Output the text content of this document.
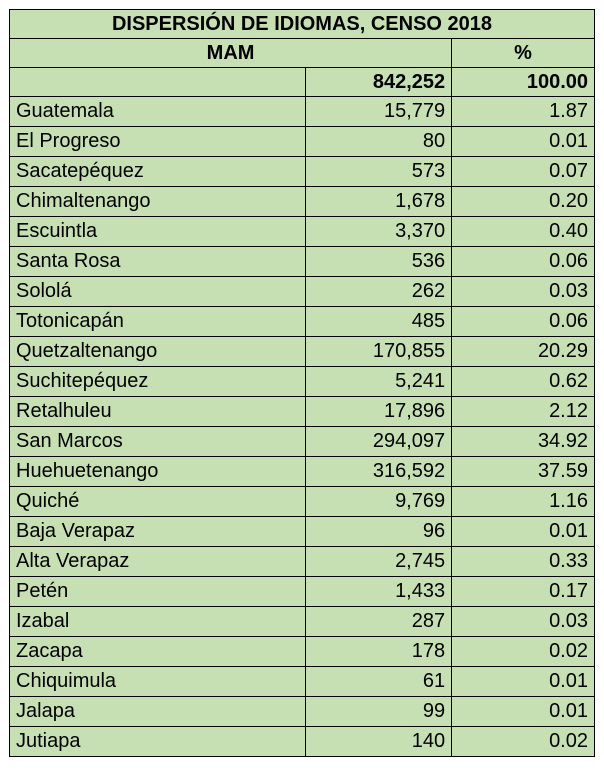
DISPERSIÓN DE IDIOMAS, CENSO 2018		
MAM		%
	842,252	100.00
Guatemala	15,779	1.87
El Progreso	80	0.01
Sacatepéquez	573	0.07
Chimaltenango	1,678	0.20
Escuintla	3,370	0.40
Santa Rosa	536	0.06
Sololá	262	0.03
Totonicapán	485	0.06
Quetzaltenango	170,855	20.29
Suchitepéquez	5,241	0.62
Retalhuleu	17,896	2.12
San Marcos	294,097	34.92
Huehuetenango	316,592	37.59
Quiché	9,769	1.16
Baja Verapaz	96	0.01
Alta Verapaz	2,745	0.33
Petén	1,433	0.17
Izabal	287	0.03
Zacapa	178	0.02
Chiquimula	61	0.01
Jalapa	99	0.01
Jutiapa	140	0.02
